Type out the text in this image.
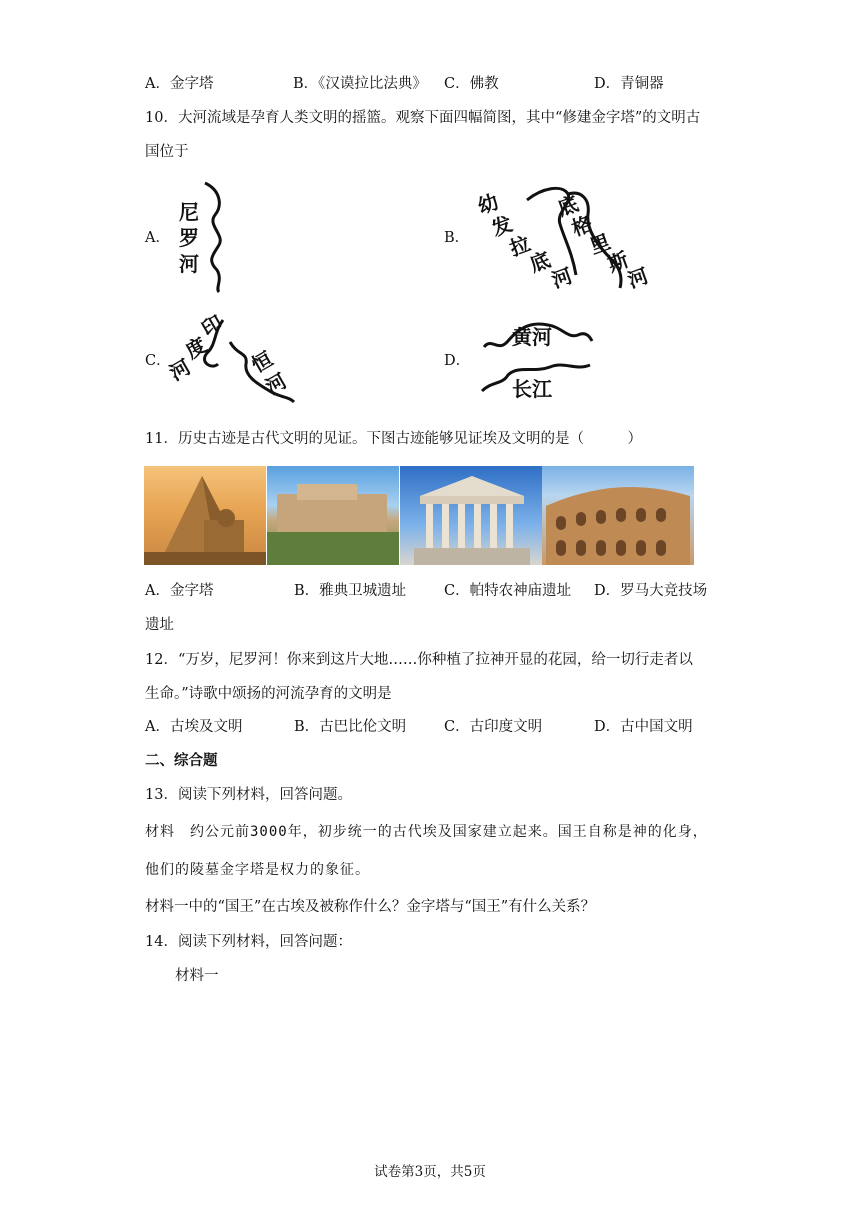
A．金字塔	B．《汉谟拉比法典》 C．佛教	D．青铜器
10．大河流域是孕育人类文明的摇篮。观察下面四幅简图，其中“修建金字塔”的文明古
国位于
A．
尼
罗
河
B．
幼
发
拉
底
河
底
格
里
斯
河
C．
印
度
河	恒
河
D．
黄河
长江
11．历史古迹是古代文明的见证。下图古迹能够见证埃及文明的是（　　　）
A．金字塔	B．雅典卫城遗址	C．帕特农神庙遗址 D．罗马大竞技场
遗址
12．“万岁，尼罗河！你来到这片大地……你种植了拉神开显的花园，给一切行走者以
生命。”诗歌中颂扬的河流孕育的文明是
A．古埃及文明	B．古巴比伦文明	C．古印度文明	D．古中国文明
二、综合题
13．阅读下列材料，回答问题。
材料　约公元前3000年，初步统一的古代埃及国家建立起来。国王自称是神的化身，
他们的陵墓金字塔是权力的象征。
材料一中的“国王”在古埃及被称作什么？金字塔与“国王”有什么关系？
14．阅读下列材料，回答问题：
材料一
试卷第3页，共5页
